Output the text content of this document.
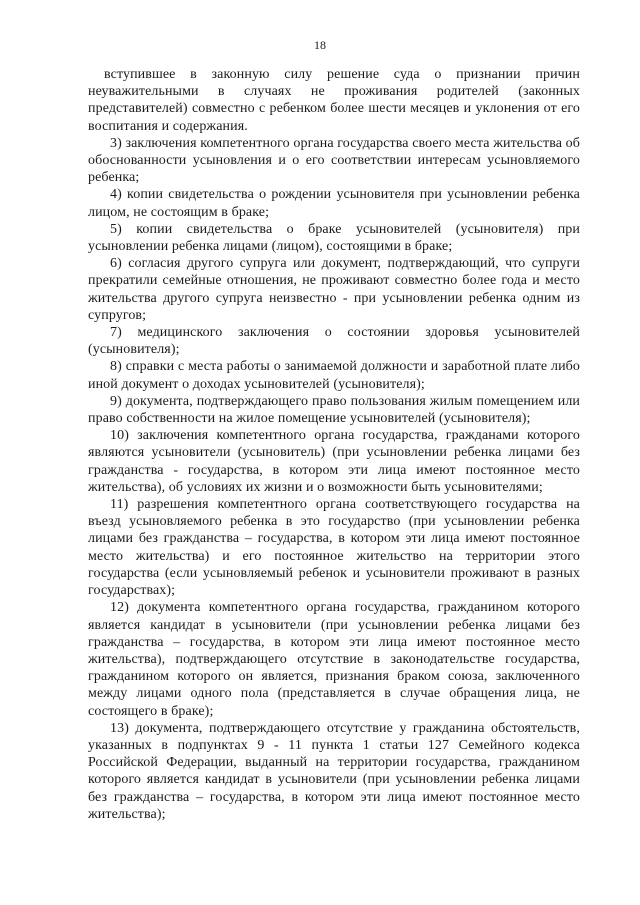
18

вступившее в законную силу решение суда о признании причин неуважительными в случаях не проживания родителей (законных представителей) совместно с ребенком более шести месяцев и уклонения от его воспитания и содержания.

3) заключения компетентного органа государства своего места жительства об обоснованности усыновления и о его соответствии интересам усыновляемого ребенка;

4) копии свидетельства о рождении усыновителя при усыновлении ребенка лицом, не состоящим в браке;

5) копии свидетельства о браке усыновителей (усыновителя) при усыновлении ребенка лицами (лицом), состоящими в браке;

6) согласия другого супруга или документ, подтверждающий, что супруги прекратили семейные отношения, не проживают совместно более года и место жительства другого супруга неизвестно - при усыновлении ребенка одним из супругов;

7) медицинского заключения о состоянии здоровья усыновителей (усыновителя);

8) справки с места работы о занимаемой должности и заработной плате либо иной документ о доходах усыновителей (усыновителя);

9) документа, подтверждающего право пользования жилым помещением или право собственности на жилое помещение усыновителей (усыновителя);

10) заключения компетентного органа государства, гражданами которого являются усыновители (усыновитель) (при усыновлении ребенка лицами без гражданства - государства, в котором эти лица имеют постоянное место жительства), об условиях их жизни и о возможности быть усыновителями;

11) разрешения компетентного органа соответствующего государства на въезд усыновляемого ребенка в это государство (при усыновлении ребенка лицами без гражданства – государства, в котором эти лица имеют постоянное место жительства) и его постоянное жительство на территории этого государства (если усыновляемый ребенок и усыновители проживают в разных государствах);

12) документа компетентного органа государства, гражданином которого является кандидат в усыновители (при усыновлении ребенка лицами без гражданства – государства, в котором эти лица имеют постоянное место жительства), подтверждающего отсутствие в законодательстве государства, гражданином которого он является, признания браком союза, заключенного между лицами одного пола (представляется в случае обращения лица, не состоящего в браке);

13) документа, подтверждающего отсутствие у гражданина обстоятельств, указанных в подпунктах 9 - 11 пункта 1 статьи 127 Семейного кодекса Российской Федерации, выданный на территории государства, гражданином которого является кандидат в усыновители (при усыновлении ребенка лицами без гражданства – государства, в котором эти лица имеют постоянное место жительства);
